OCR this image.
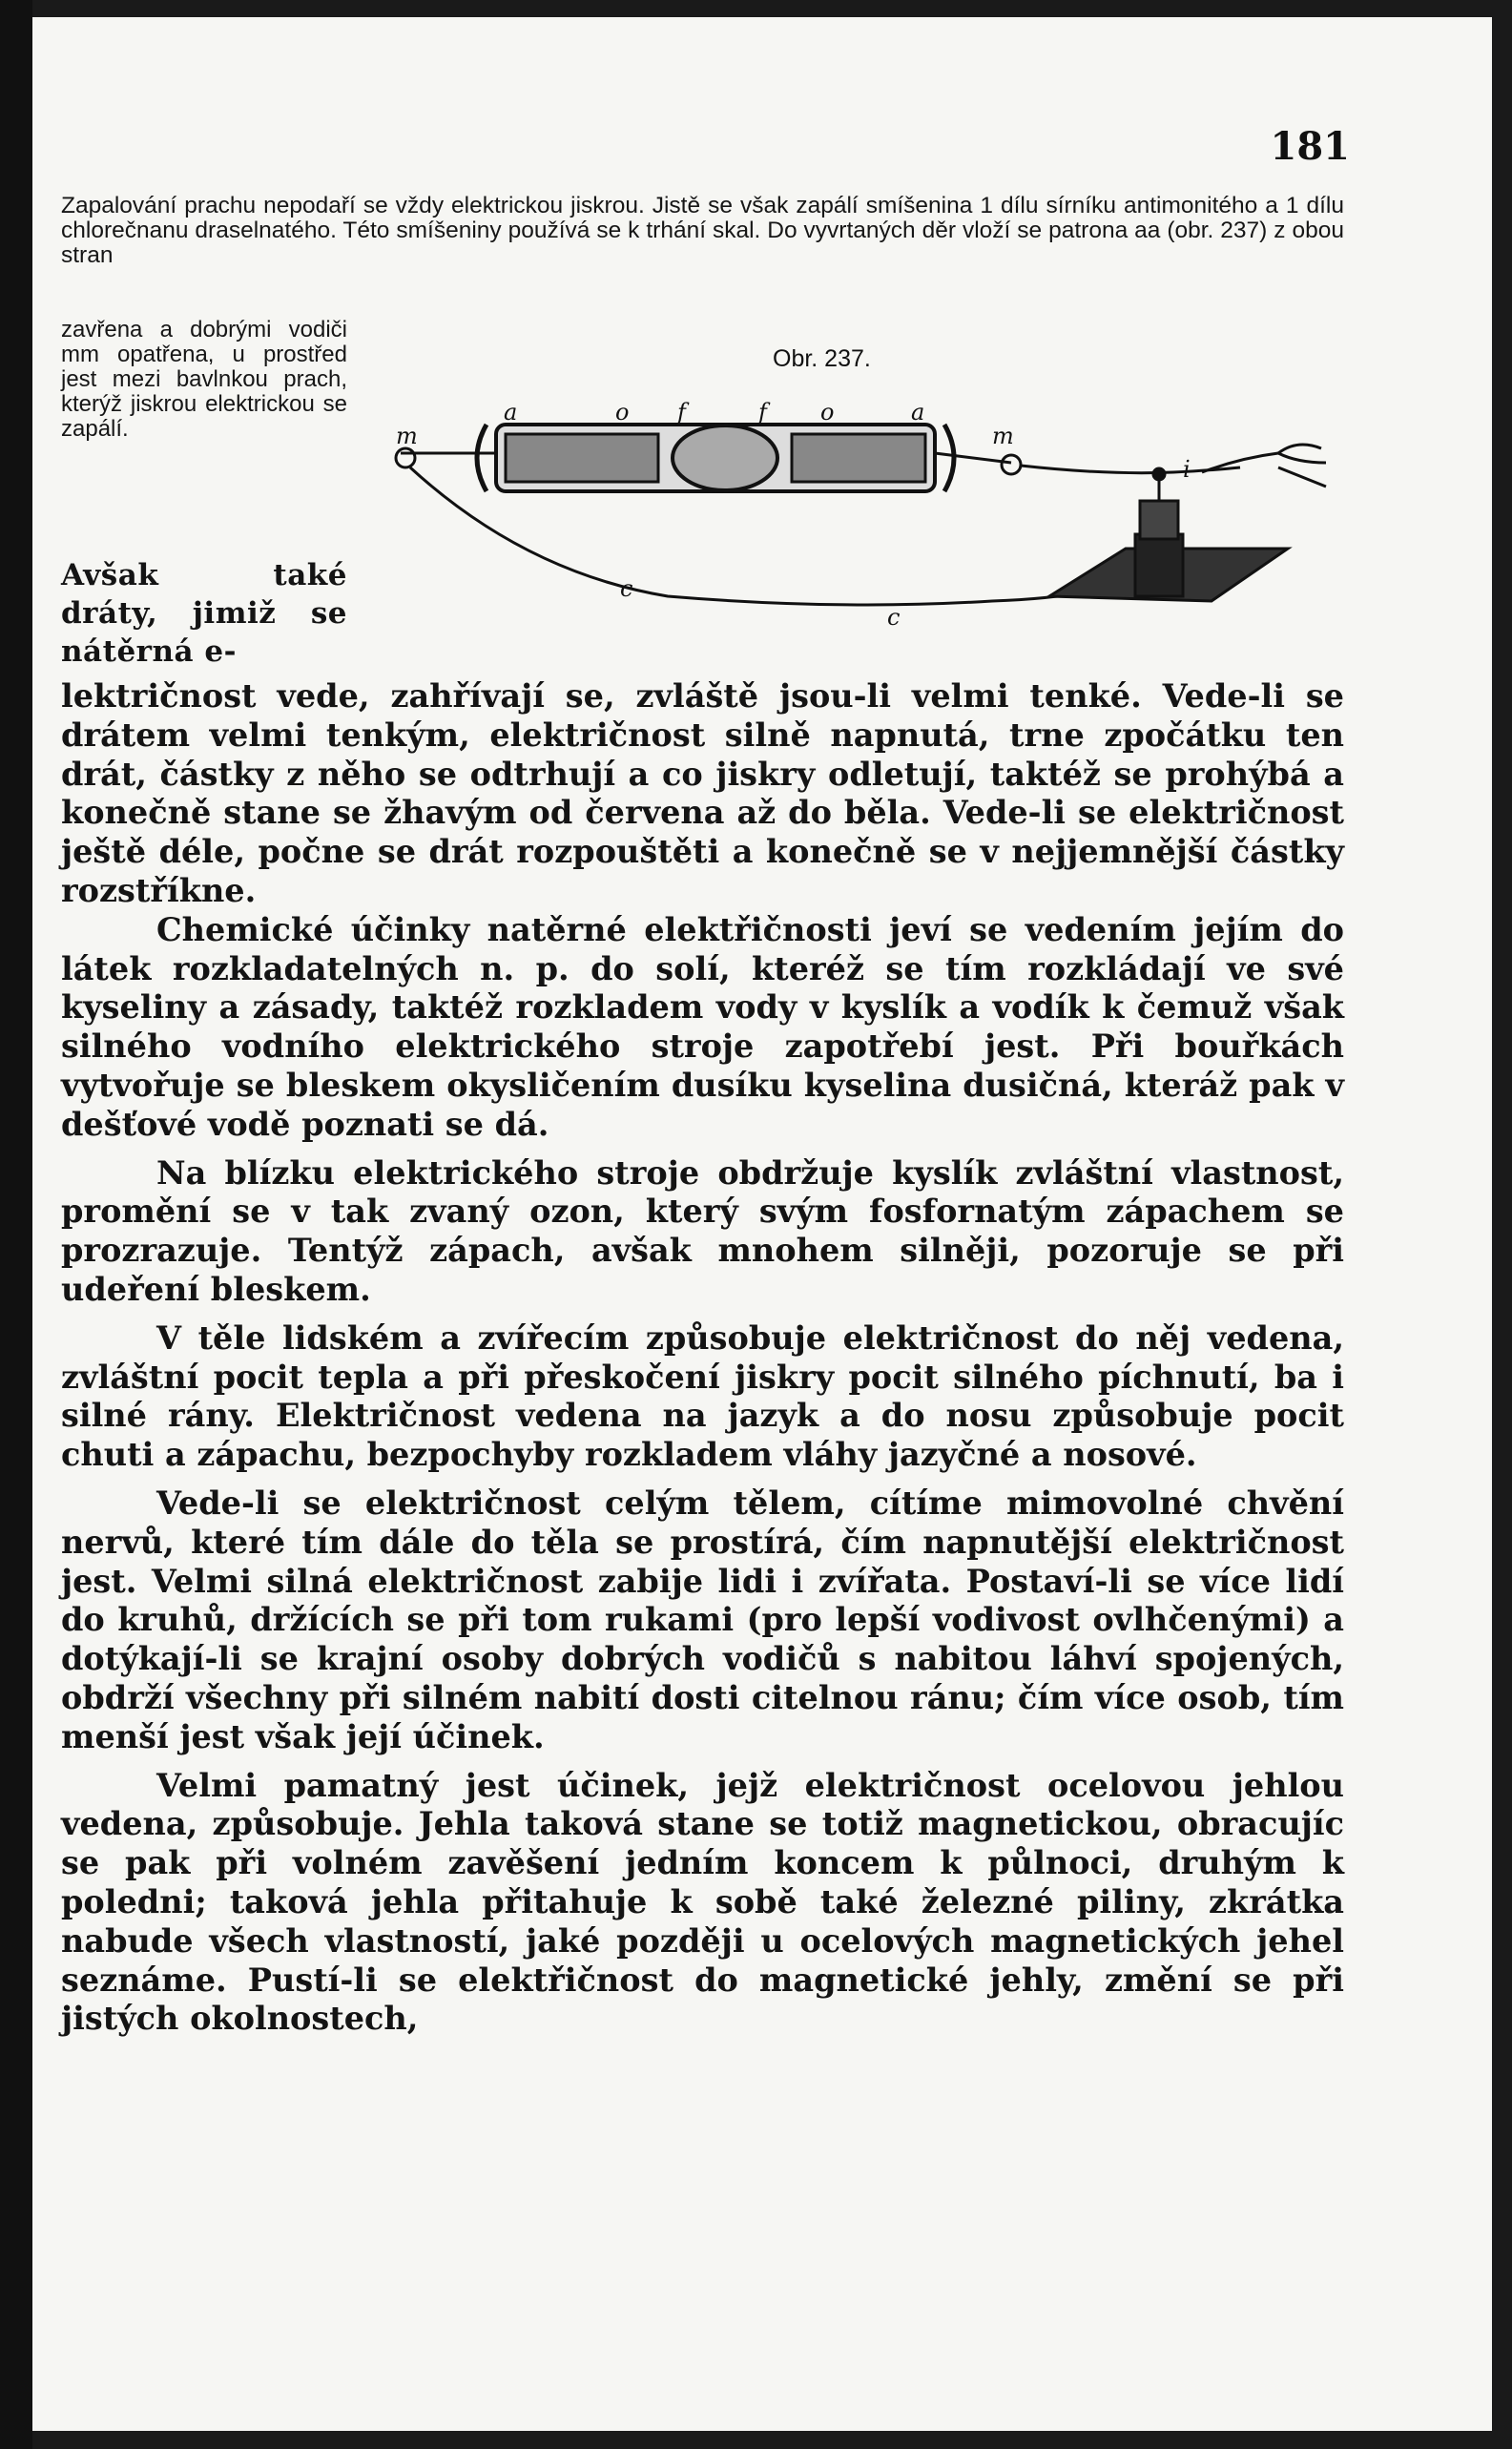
181
Zapalování prachu nepodaří se vždy elektrickou jiskrou. Jistě se však zapálí smíšenina 1 dílu sírníku antimonitého a 1 dílu chlorečnanu draselnatého. Této smíšeniny používá se k trhání skal. Do vyvrtaných děr vloží se patrona aa (obr. 237) z obou stran
zavřena a dobrými vodiči mm opatřena, u prostřed jest mezi bavlnkou prach, kterýž jiskrou elektrickou se zapálí.
Avšak také dráty, jimiž se nátěrná e-
Obr. 237.
a	o f	f o	a
m	m
i
c
c

lektričnost vede, zahřívají se, zvláště jsou-li velmi tenké. Vede-li se drátem velmi tenkým, električnost silně napnutá, trne zpočátku ten drát, částky z něho se odtrhují a co jiskry odletují, taktéž se prohýbá a konečně stane se žhavým od červena až do běla. Vede-li se električnost ještě déle, počne se drát rozpouštěti a konečně se v nejjemnější částky rozstříkne.

Chemické účinky natěrné elektřičnosti jeví se vedením jejím do látek rozkladatelných n. p. do solí, kteréž se tím rozkládají ve své kyseliny a zásady, taktéž rozkladem vody v kyslík a vodík k čemuž však silného vodního elektrického stroje zapotřebí jest. Při bouřkách vytvořuje se bleskem okysličením dusíku kyselina dusičná, kteráž pak v dešťové vodě poznati se dá.

Na blízku elektrického stroje obdržuje kyslík zvláštní vlastnost, promění se v tak zvaný ozon, který svým fosfornatým zápachem se prozrazuje. Tentýž zápach, avšak mnohem silněji, pozoruje se při udeření bleskem.

V těle lidském a zvířecím způsobuje električnost do něj vedena, zvláštní pocit tepla a při přeskočení jiskry pocit silného píchnutí, ba i silné rány. Električnost vedena na jazyk a do nosu způsobuje pocit chuti a zápachu, bezpochyby rozkladem vláhy jazyčné a nosové.

Vede-li se električnost celým tělem, cítíme mimovolné chvění nervů, které tím dále do těla se prostírá, čím napnutější električnost jest. Velmi silná električnost zabije lidi i zvířata. Postaví-li se více lidí do kruhů, držících se při tom rukami (pro lepší vodivost ovlhčenými) a dotýkají-li se krajní osoby dobrých vodičů s nabitou láhví spojených, obdrží všechny při silném nabití dosti citelnou ránu; čím více osob, tím menší jest však její účinek.

Velmi pamatný jest účinek, jejž električnost ocelovou jehlou vedena, způsobuje. Jehla taková stane se totiž magnetickou, obracujíc se pak při volném zavěšení jedním koncem k půlnoci, druhým k poledni; taková jehla přitahuje k sobě také železné piliny, zkrátka nabude všech vlastností, jaké později u ocelových magnetických jehel seznáme. Pustí-li se elektřičnost do magnetické jehly, změní se při jistých okolnostech,
